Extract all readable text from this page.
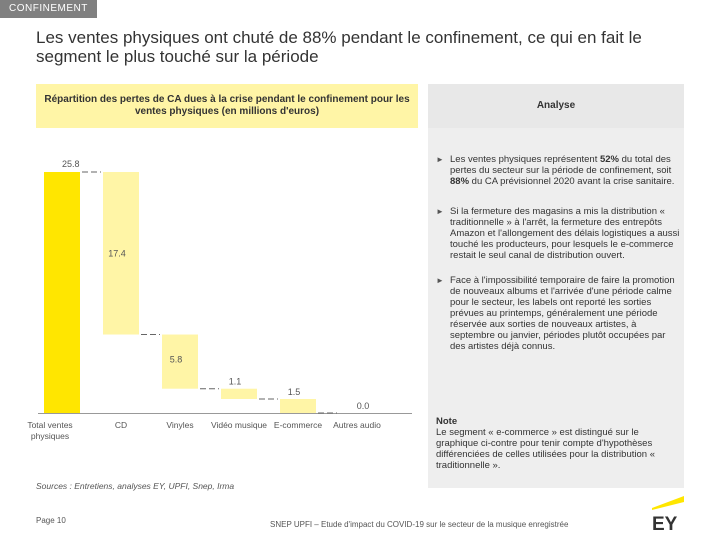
CONFINEMENT
Les ventes physiques ont chuté de 88% pendant le confinement, ce qui en fait le segment le plus touché sur la période
Répartition des pertes de CA dues à la crise pendant le confinement pour les ventes physiques (en millions d'euros)
Analyse
► Les ventes physiques représentent 52% du total des pertes du secteur sur la période de confinement, soit 88% du CA prévisionnel 2020 avant la crise sanitaire.
► Si la fermeture des magasins a mis la distribution « traditionnelle » à l'arrêt, la fermeture des entrepôts Amazon et l'allongement des délais logistiques a aussi touché les producteurs, pour lesquels le e-commerce restait le seul canal de distribution ouvert.
► Face à l'impossibilité temporaire de faire la promotion de nouveaux albums et l'arrivée d'une période calme pour le secteur, les labels ont reporté les sorties prévues au printemps, généralement une période réservée aux sorties de nouveaux artistes, à septembre ou janvier, périodes plutôt occupées par des artistes déjà connus.
Note
Le segment « e-commerce » est distingué sur le graphique ci-contre pour tenir compte d'hypothèses différenciées de celles utilisées pour la distribution « traditionnelle ».
25.8
Total ventes
physiques
17.4
CD
5.8
Vinyles
1.1
Vidéo musique
1.5
E-commerce
0.0
Autres audio
Sources : Entretiens, analyses EY, UPFI, Snep, Irma
Page 10	SNEP UPFI – Etude d'impact du COVID-19 sur le secteur de la musique enregistrée	EY
